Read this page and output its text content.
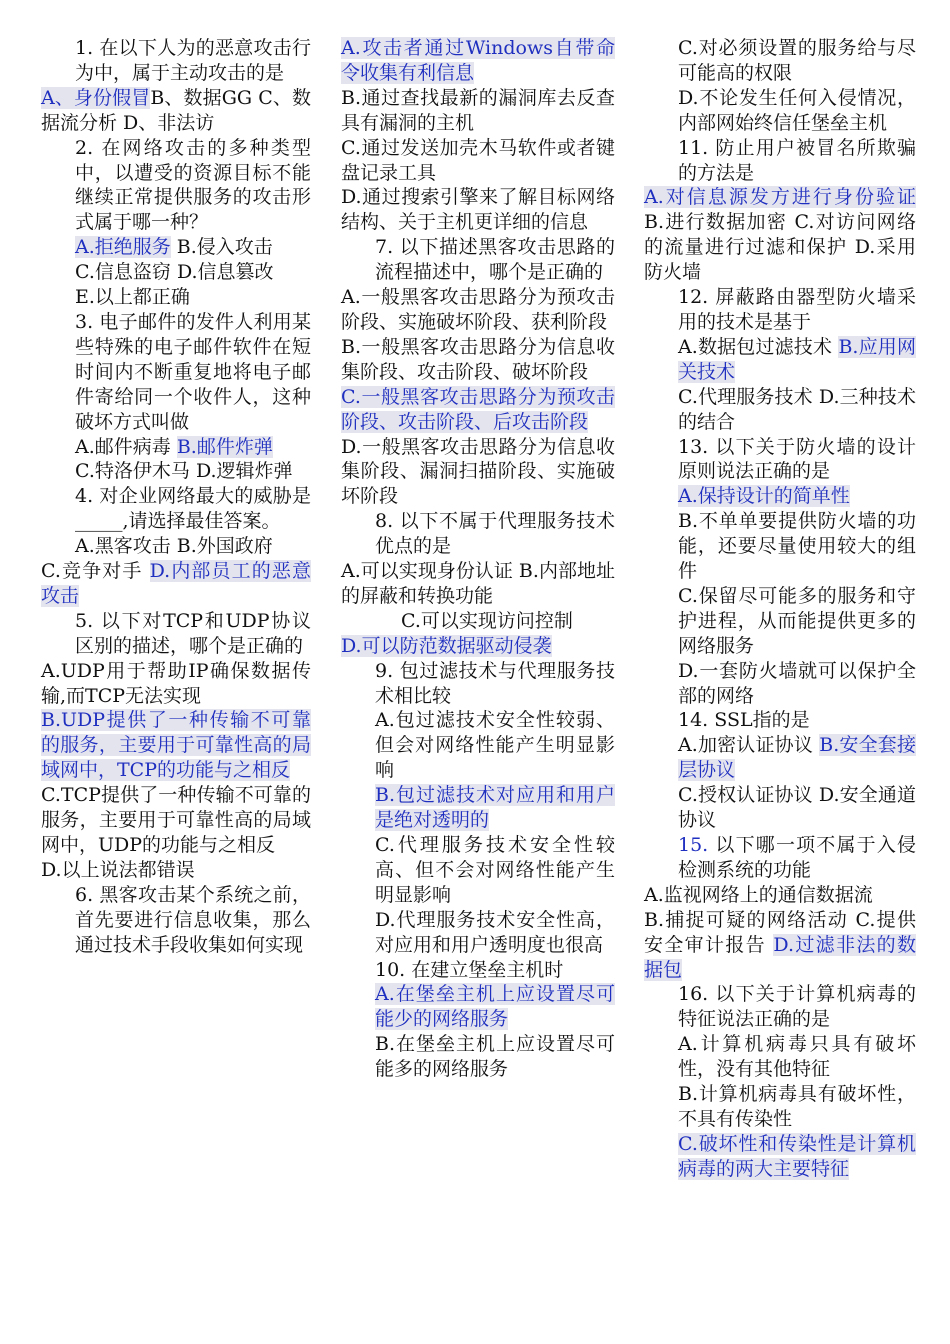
1. 在以下人为的恶意攻击行为中，属于主动攻击的是

A、身份假冒B、数据GG C、数据流分析 D、非法访

2. 在网络攻击的多种类型中，以遭受的资源目标不能继续正常提供服务的攻击形式属于哪一种？

A.拒绝服务 B.侵入攻击

C.信息盗窃 D.信息篡改

E.以上都正确

3. 电子邮件的发件人利用某些特殊的电子邮件软件在短时间内不断重复地将电子邮件寄给同一个收件人，这种破坏方式叫做

A.邮件病毒 B.邮件炸弹

C.特洛伊木马 D.逻辑炸弹

4. 对企业网络最大的威胁是_____,请选择最佳答案。

A.黑客攻击 B.外国政府

C.竞争对手 D.内部员工的恶意攻击

5. 以下对TCP和UDP协议区别的描述，哪个是正确的

A.UDP用于帮助IP确保数据传输,而TCP无法实现

B.UDP提供了一种传输不可靠的服务，主要用于可靠性高的局域网中，TCP的功能与之相反

C.TCP提供了一种传输不可靠的服务，主要用于可靠性高的局域网中，UDP的功能与之相反

D.以上说法都错误

6. 黑客攻击某个系统之前，首先要进行信息收集，那么通过技术手段收集如何实现

A.攻击者通过Windows自带命令收集有利信息

B.通过查找最新的漏洞库去反查具有漏洞的主机

C.通过发送加壳木马软件或者键盘记录工具

D.通过搜索引擎来了解目标网络结构、关于主机更详细的信息

7. 以下描述黑客攻击思路的流程描述中，哪个是正确的

A.一般黑客攻击思路分为预攻击阶段、实施破坏阶段、获利阶段

B.一般黑客攻击思路分为信息收集阶段、攻击阶段、破坏阶段

C.一般黑客攻击思路分为预攻击阶段、攻击阶段、后攻击阶段

D.一般黑客攻击思路分为信息收集阶段、漏洞扫描阶段、实施破坏阶段

8. 以下不属于代理服务技术优点的是

A.可以实现身份认证 B.内部地址的屏蔽和转换功能

C.可以实现访问控制

D.可以防范数据驱动侵袭

9. 包过滤技术与代理服务技术相比较

A.包过滤技术安全性较弱、但会对网络性能产生明显影响

B.包过滤技术对应用和用户是绝对透明的

C.代理服务技术安全性较高、但不会对网络性能产生明显影响

D.代理服务技术安全性高，对应用和用户透明度也很高

10. 在建立堡垒主机时

A.在堡垒主机上应设置尽可能少的网络服务

B.在堡垒主机上应设置尽可能多的网络服务

C.对必须设置的服务给与尽可能高的权限

D.不论发生任何入侵情况，内部网始终信任堡垒主机

11. 防止用户被冒名所欺骗的方法是

A.对信息源发方进行身份验证 B.进行数据加密 C.对访问网络的流量进行过滤和保护 D.采用防火墙

12. 屏蔽路由器型防火墙采用的技术是基于

A.数据包过滤技术 B.应用网关技术

C.代理服务技术 D.三种技术的结合

13. 以下关于防火墙的设计原则说法正确的是

A.保持设计的简单性

B.不单单要提供防火墙的功能，还要尽量使用较大的组件

C.保留尽可能多的服务和守护进程，从而能提供更多的网络服务

D.一套防火墙就可以保护全部的网络

14. SSL指的是

A.加密认证协议 B.安全套接层协议

C.授权认证协议 D.安全通道协议

15. 以下哪一项不属于入侵检测系统的功能

A.监视网络上的通信数据流

B.捕捉可疑的网络活动 C.提供安全审计报告 D.过滤非法的数据包

16. 以下关于计算机病毒的特征说法正确的是

A.计算机病毒只具有破坏性，没有其他特征

B.计算机病毒具有破坏性，不具有传染性

C.破坏性和传染性是计算机病毒的两大主要特征
